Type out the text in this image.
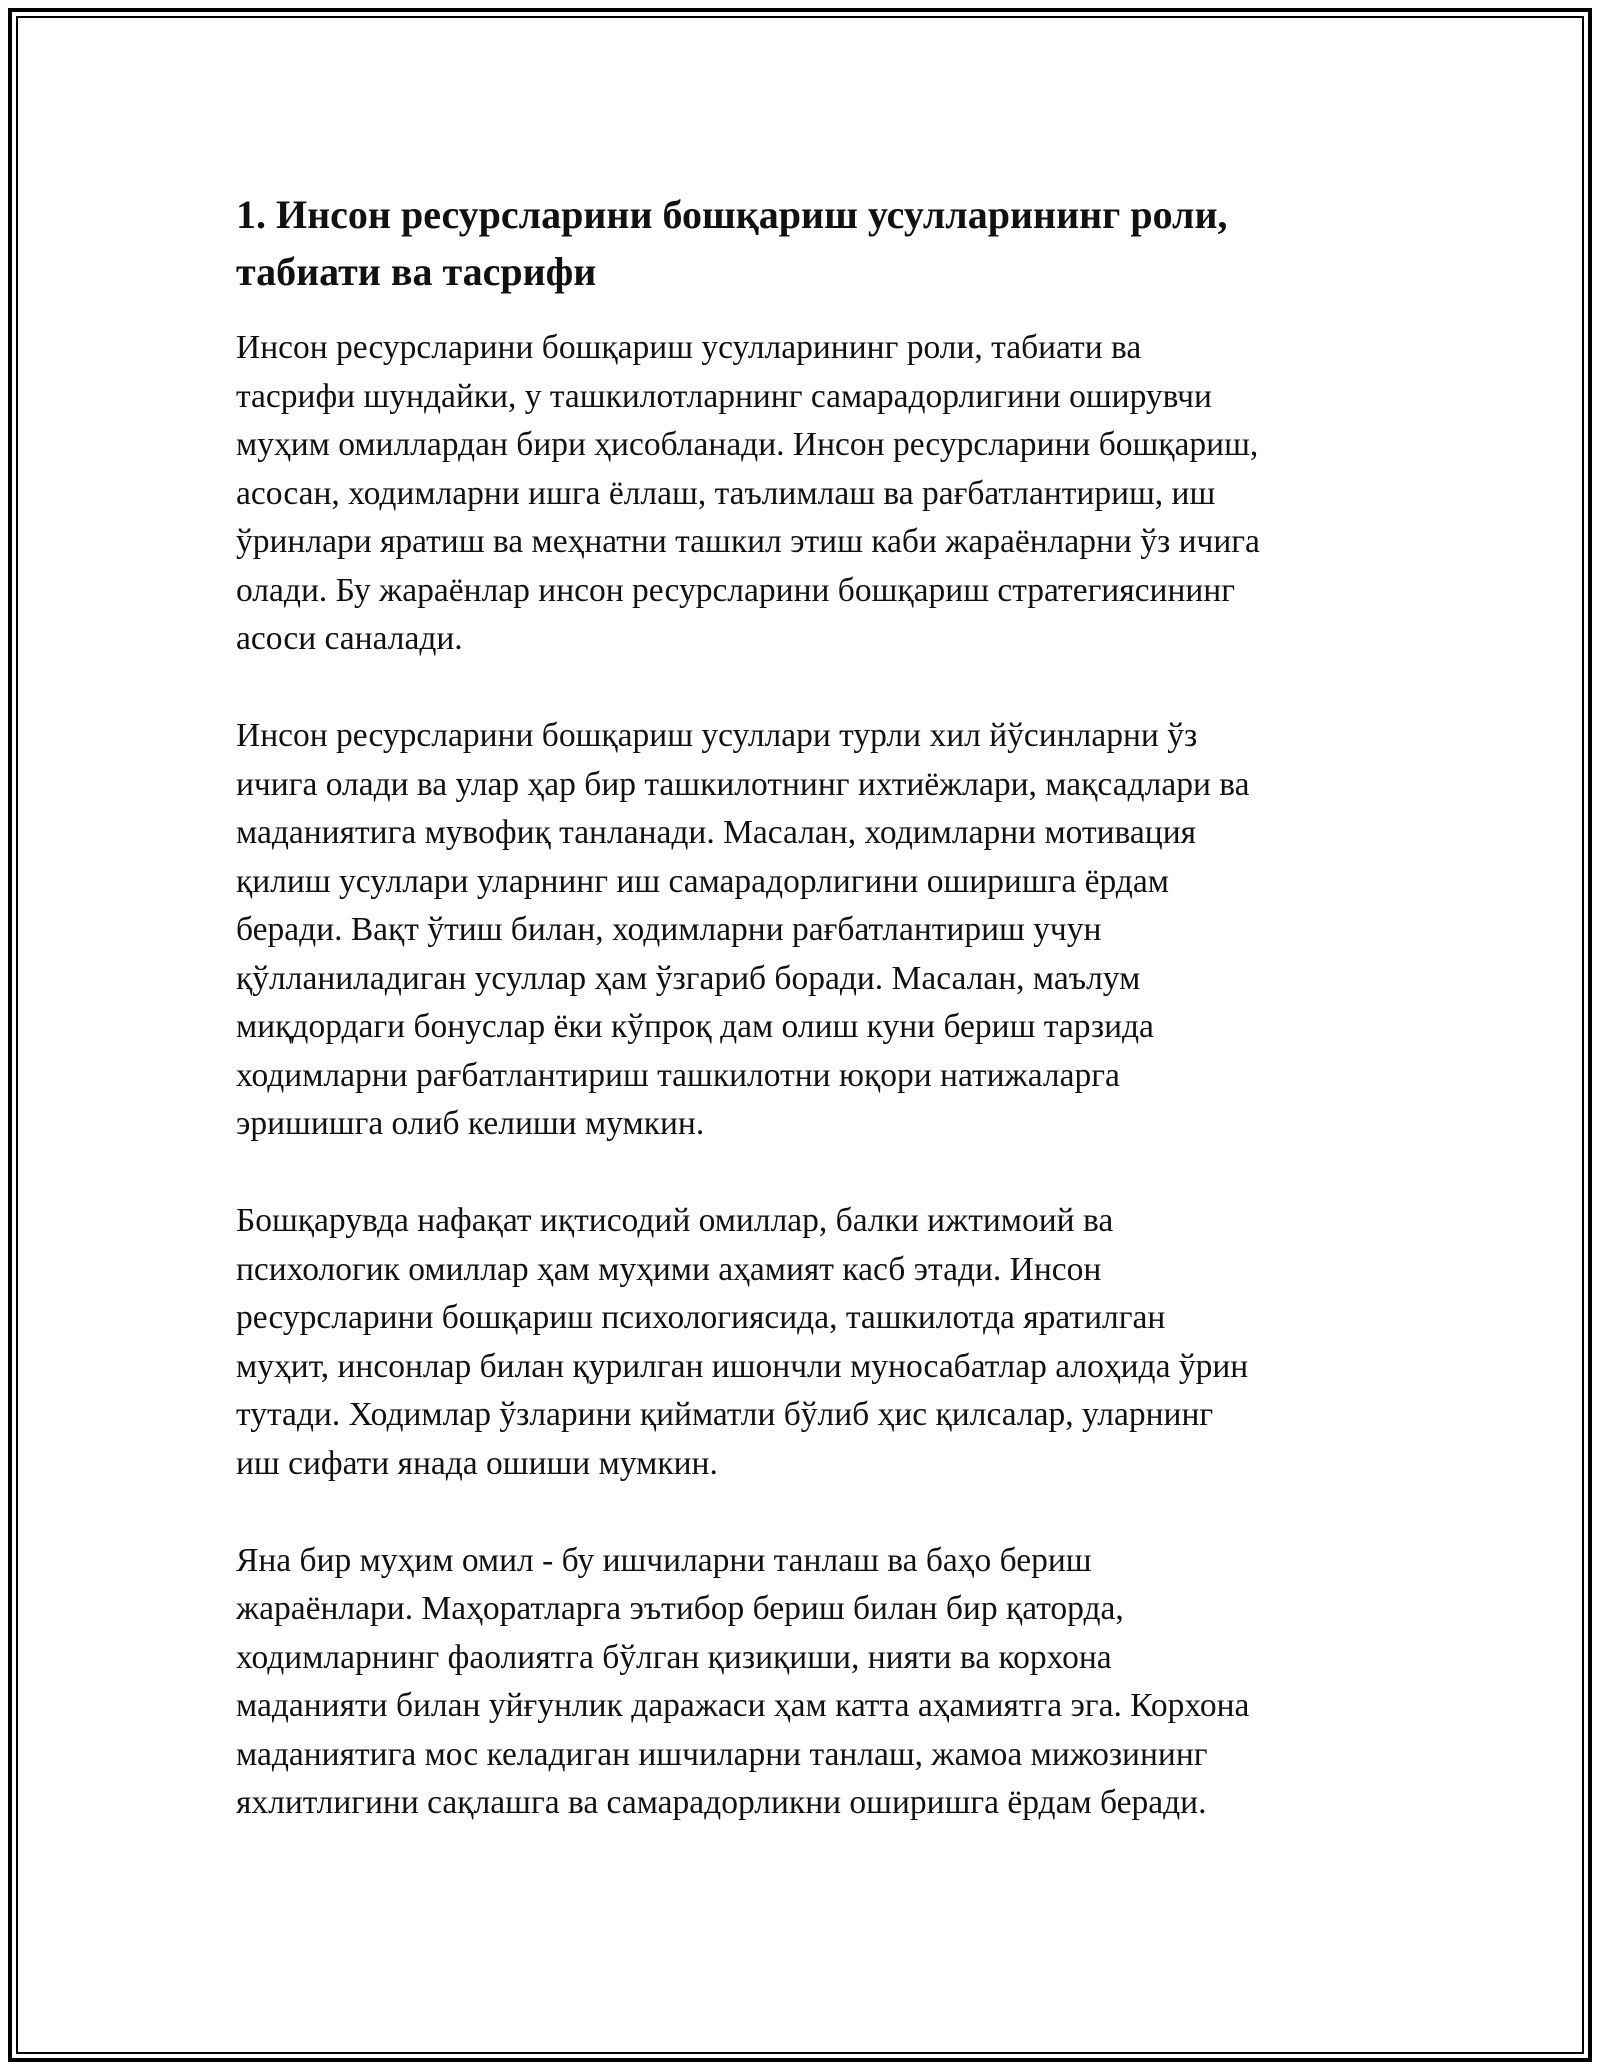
1. Инсон ресурсларини бошқариш усулларининг роли,
табиати ва тасрифи

Инсон ресурсларини бошқариш усулларининг роли, табиати ва
тасрифи шундайки, у ташкилотларнинг самарадорлигини оширувчи
муҳим омиллардан бири ҳисобланади. Инсон ресурсларини бошқариш,
асосан, ходимларни ишга ёллаш, таълимлаш ва рағбатлантириш, иш
ўринлари яратиш ва меҳнатни ташкил этиш каби жараёнларни ўз ичига
олади. Бу жараёнлар инсон ресурсларини бошқариш стратегиясининг
асоси саналади.

Инсон ресурсларини бошқариш усуллари турли хил йўсинларни ўз
ичига олади ва улар ҳар бир ташкилотнинг ихтиёжлари, мақсадлари ва
маданиятига мувофиқ танланади. Масалан, ходимларни мотивация
қилиш усуллари уларнинг иш самарадорлигини оширишга ёрдам
беради. Вақт ўтиш билан, ходимларни рағбатлантириш учун
қўлланиладиган усуллар ҳам ўзгариб боради. Масалан, маълум
миқдордаги бонуслар ёки кўпроқ дам олиш куни бериш тарзида
ходимларни рағбатлантириш ташкилотни юқори натижаларга
эришишга олиб келиши мумкин.

Бошқарувда нафақат иқтисодий омиллар, балки ижтимоий ва
психологик омиллар ҳам муҳими аҳамият касб этади. Инсон
ресурсларини бошқариш психологиясида, ташкилотда яратилган
муҳит, инсонлар билан қурилган ишончли муносабатлар алоҳида ўрин
тутади. Ходимлар ўзларини қийматли бўлиб ҳис қилсалар, уларнинг
иш сифати янада ошиши мумкин.

Яна бир муҳим омил - бу ишчиларни танлаш ва баҳо бериш
жараёнлари. Маҳоратларга эътибор бериш билан бир қаторда,
ходимларнинг фаолиятга бўлган қизиқиши, нияти ва корхона
маданияти билан уйғунлик даражаси ҳам катта аҳамиятга эга. Корхона
маданиятига мос келадиган ишчиларни танлаш, жамоа мижозининг
яхлитлигини сақлашга ва самарадорликни оширишга ёрдам беради.
